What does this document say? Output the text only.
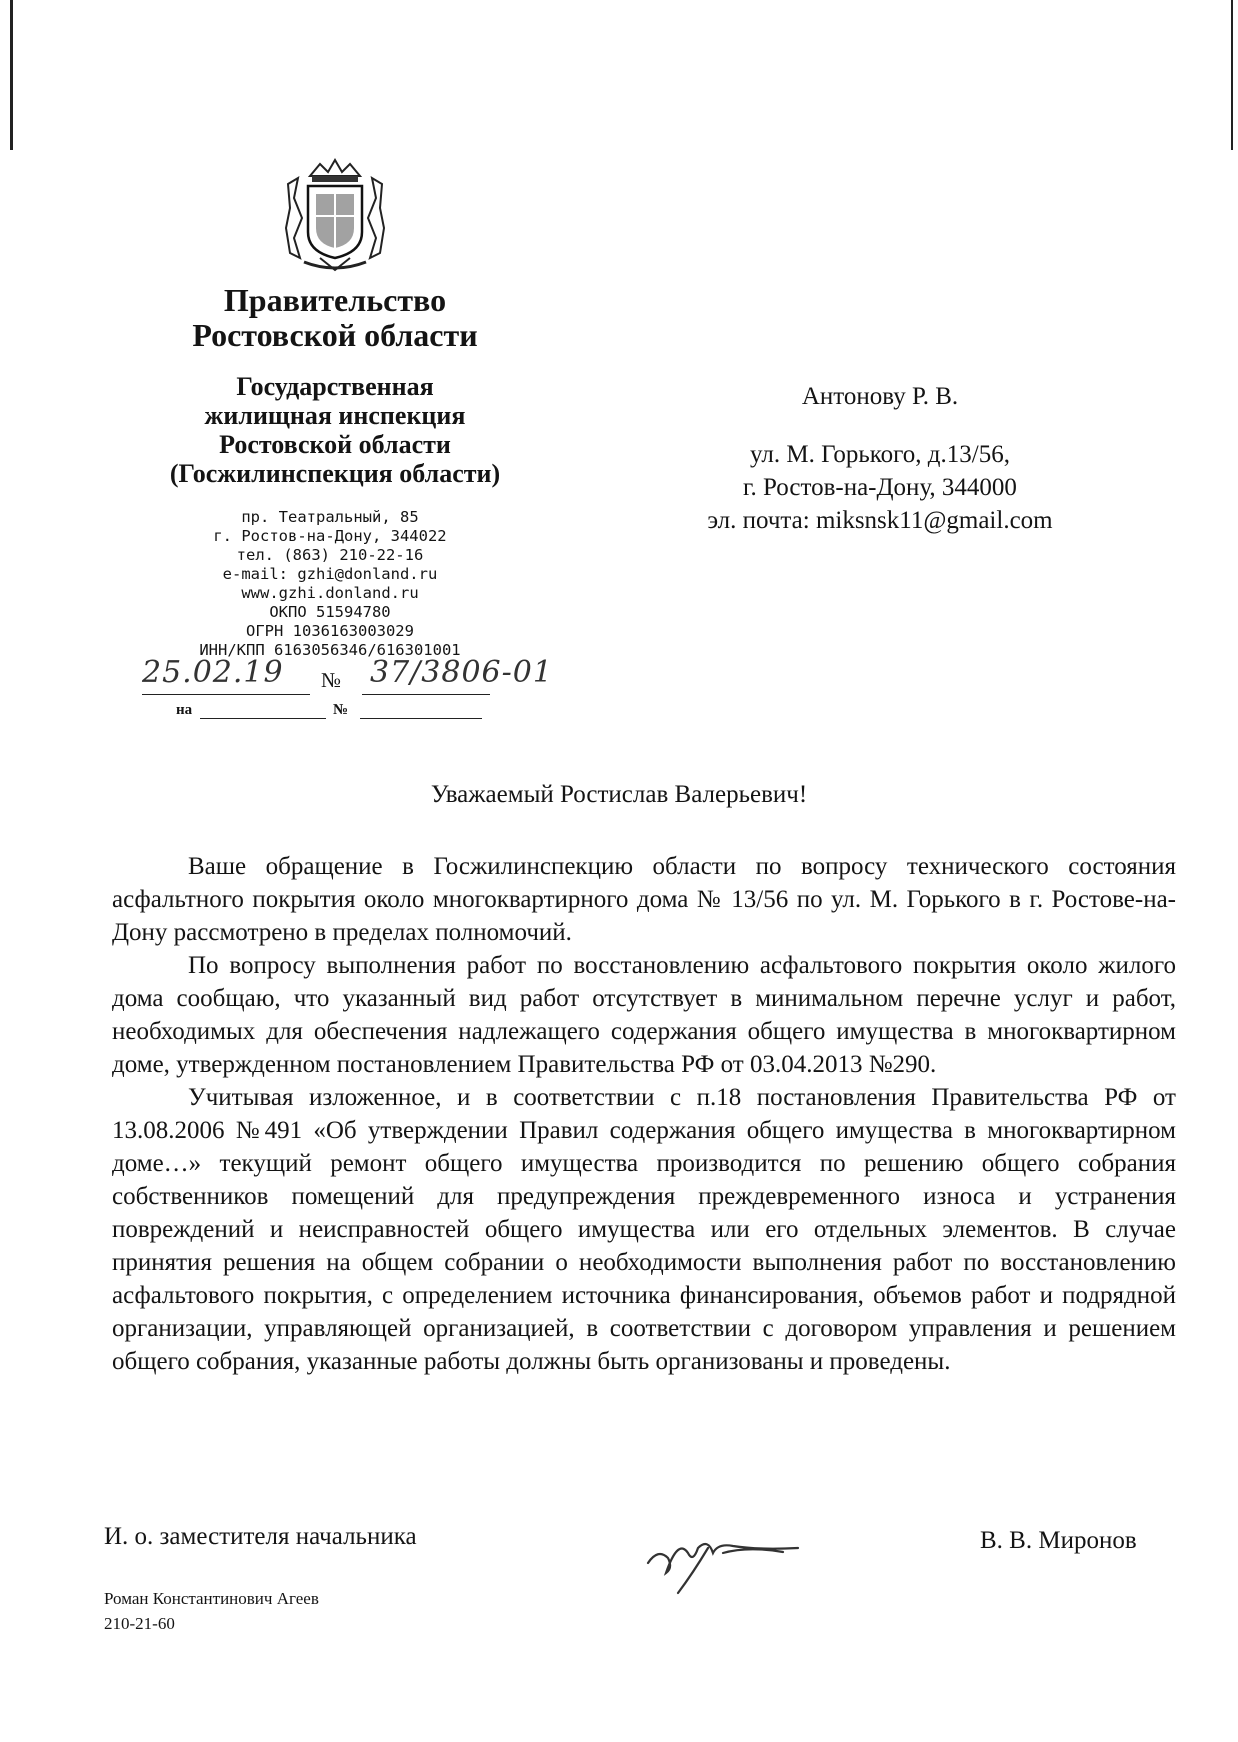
Правительство
Ростовской области
Государственная
жилищная инспекция
Ростовской области
(Госжилинспекция области)
пр. Театральный, 85
г. Ростов-на-Дону, 344022
тел. (863) 210-22-16
e-mail: gzhi@donland.ru
www.gzhi.donland.ru
ОКПО 51594780
ОГРН 1036163003029
ИНН/КПП 6163056346/616301001
25.02.19 № 37/3806-01
на	№
Антонову Р. В.
ул. М. Горького, д.13/56,
г. Ростов-на-Дону, 344000
эл. почта: miksnsk11@gmail.com
Уважаемый Ростислав Валерьевич!

Ваше обращение в Госжилинспекцию области по вопросу технического состояния асфальтного покрытия около многоквартирного дома № 13/56 по ул. М. Горького в г. Ростове-на-Дону рассмотрено в пределах полномочий.

По вопросу выполнения работ по восстановлению асфальтового покрытия около жилого дома сообщаю, что указанный вид работ отсутствует в минимальном перечне услуг и работ, необходимых для обеспечения надлежащего содержания общего имущества в многоквартирном доме, утвержденном постановлением Правительства РФ от 03.04.2013 №290.

Учитывая изложенное, и в соответствии с п.18 постановления Правительства РФ от 13.08.2006 №491 «Об утверждении Правил содержания общего имущества в многоквартирном доме…» текущий ремонт общего имущества производится по решению общего собрания собственников помещений для предупреждения преждевременного износа и устранения повреждений и неисправностей общего имущества или его отдельных элементов. В случае принятия решения на общем собрании о необходимости выполнения работ по восстановлению асфальтового покрытия, с определением источника финансирования, объемов работ и подрядной организации, управляющей организацией, в соответствии с договором управления и решением общего собрания, указанные работы должны быть организованы и проведены.

И. о. заместителя начальника	В. В. Миронов
Роман Константинович Агеев
210-21-60
